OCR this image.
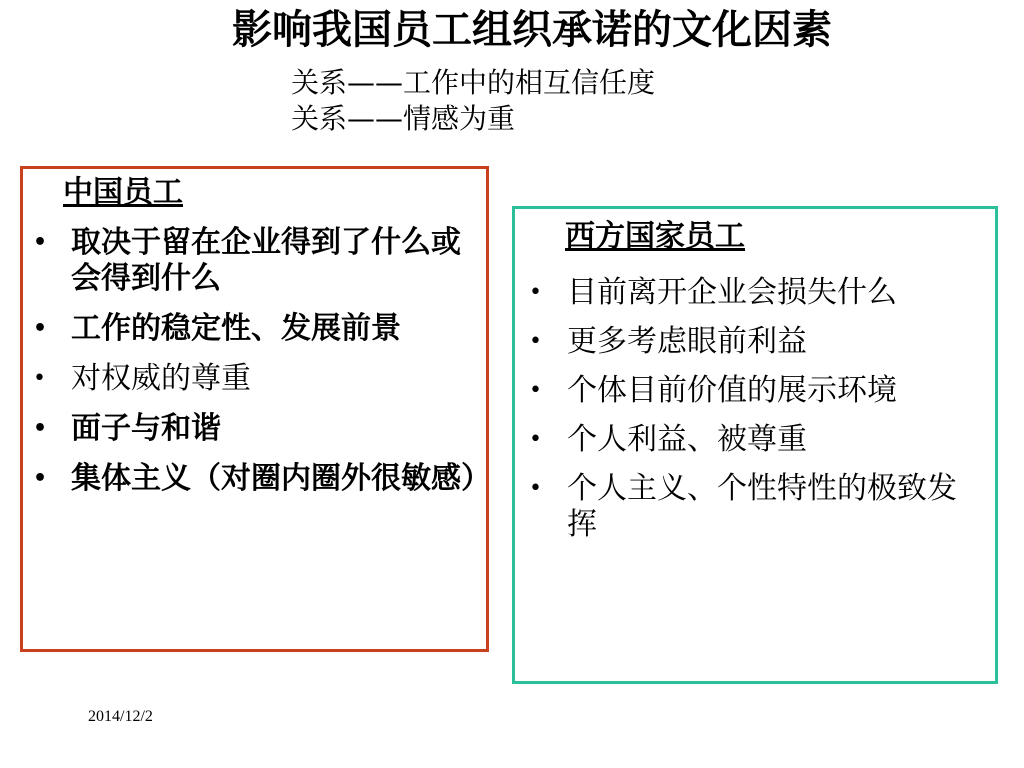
影响我国员工组织承诺的文化因素
关系——工作中的相互信任度
关系——情感为重
中国员工
• 取决于留在企业得到了什么或会得到什么
• 工作的稳定性、发展前景
• 对权威的尊重
• 面子与和谐
• 集体主义（对圈内圈外很敏感）
西方国家员工
• 目前离开企业会损失什么
• 更多考虑眼前利益
• 个体目前价值的展示环境
• 个人利益、被尊重
• 个人主义、个性特性的极致发挥
2014/12/2
